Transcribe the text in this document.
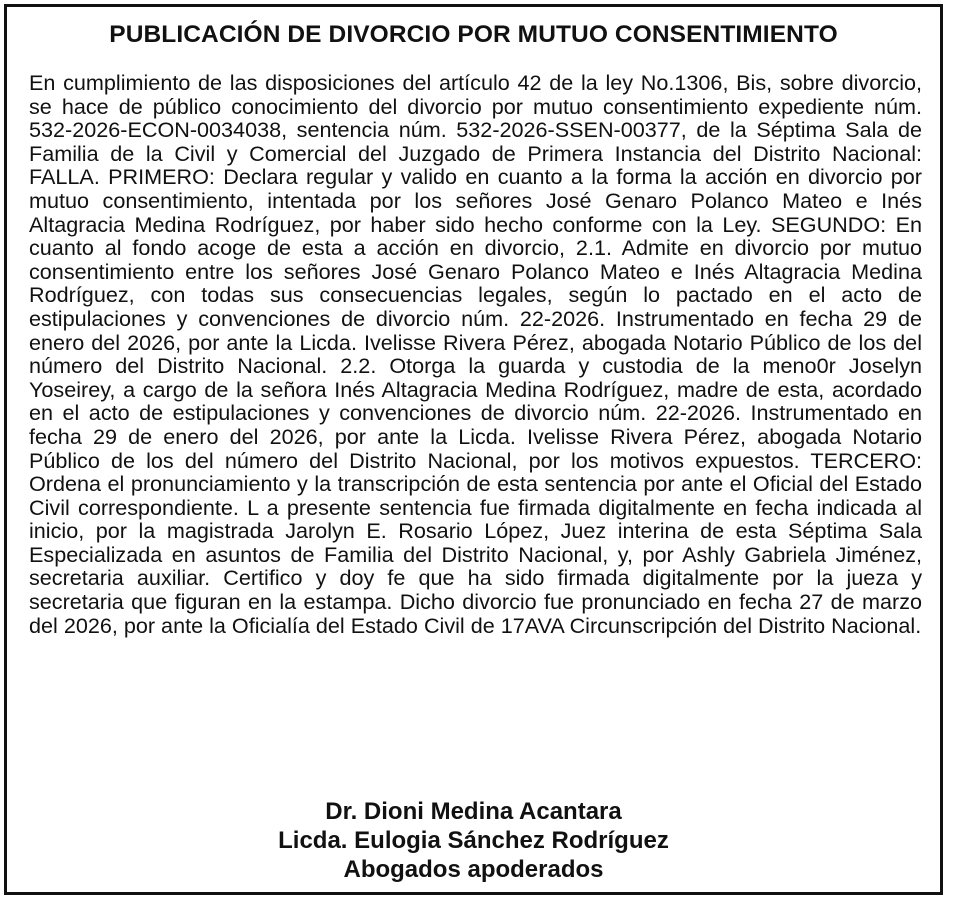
PUBLICACIÓN DE DIVORCIO POR MUTUO CONSENTIMIENTO

En cumplimiento de las disposiciones del artículo 42 de la ley No.1306, Bis, sobre divorcio, se hace de público conocimiento del divorcio por mutuo consentimiento expediente núm. 532-2026-ECON-0034038, sentencia núm. 532-2026-SSEN-00377, de la Séptima Sala de Familia de la Civil y Comercial del Juzgado de Primera Instancia del Distrito Nacional: FALLA. PRIMERO: Declara regular y valido en cuanto a la forma la acción en divorcio por mutuo consentimiento, intentada por los señores José Genaro Polanco Mateo e Inés Altagracia Medina Rodríguez, por haber sido hecho conforme con la Ley. SEGUNDO: En cuanto al fondo acoge de esta a acción en divorcio, 2.1. Admite en divorcio por mutuo consentimiento entre los señores José Genaro Polanco Mateo e Inés Altagracia Medina Rodríguez, con todas sus consecuencias legales, según lo pactado en el acto de estipulaciones y convenciones de divorcio núm. 22-2026. Instrumentado en fecha 29 de enero del 2026, por ante la Licda. Ivelisse Rivera Pérez, abogada Notario Público de los del número del Distrito Nacional. 2.2. Otorga la guarda y custodia de la meno0r Joselyn Yoseirey, a cargo de la señora Inés Altagracia Medina Rodríguez, madre de esta, acordado en el acto de estipulaciones y convenciones de divorcio núm. 22-2026. Instrumentado en fecha 29 de enero del 2026, por ante la Licda. Ivelisse Rivera Pérez, abogada Notario Público de los del número del Distrito Nacional, por los motivos expuestos. TERCERO: Ordena el pronunciamiento y la transcripción de esta sentencia por ante el Oficial del Estado Civil correspondiente. L a presente sentencia fue firmada digitalmente en fecha indicada al inicio, por la magistrada Jarolyn E. Rosario López, Juez interina de esta Séptima Sala Especializada en asuntos de Familia del Distrito Nacional, y, por Ashly Gabriela Jiménez, secretaria auxiliar. Certifico y doy fe que ha sido firmada digitalmente por la jueza y secretaria que figuran en la estampa. Dicho divorcio fue pronunciado en fecha 27 de marzo del 2026, por ante la Oficialía del Estado Civil de 17AVA Circunscripción del Distrito Nacional.

Dr. Dioni Medina Acantara
Licda. Eulogia Sánchez Rodríguez
Abogados apoderados
